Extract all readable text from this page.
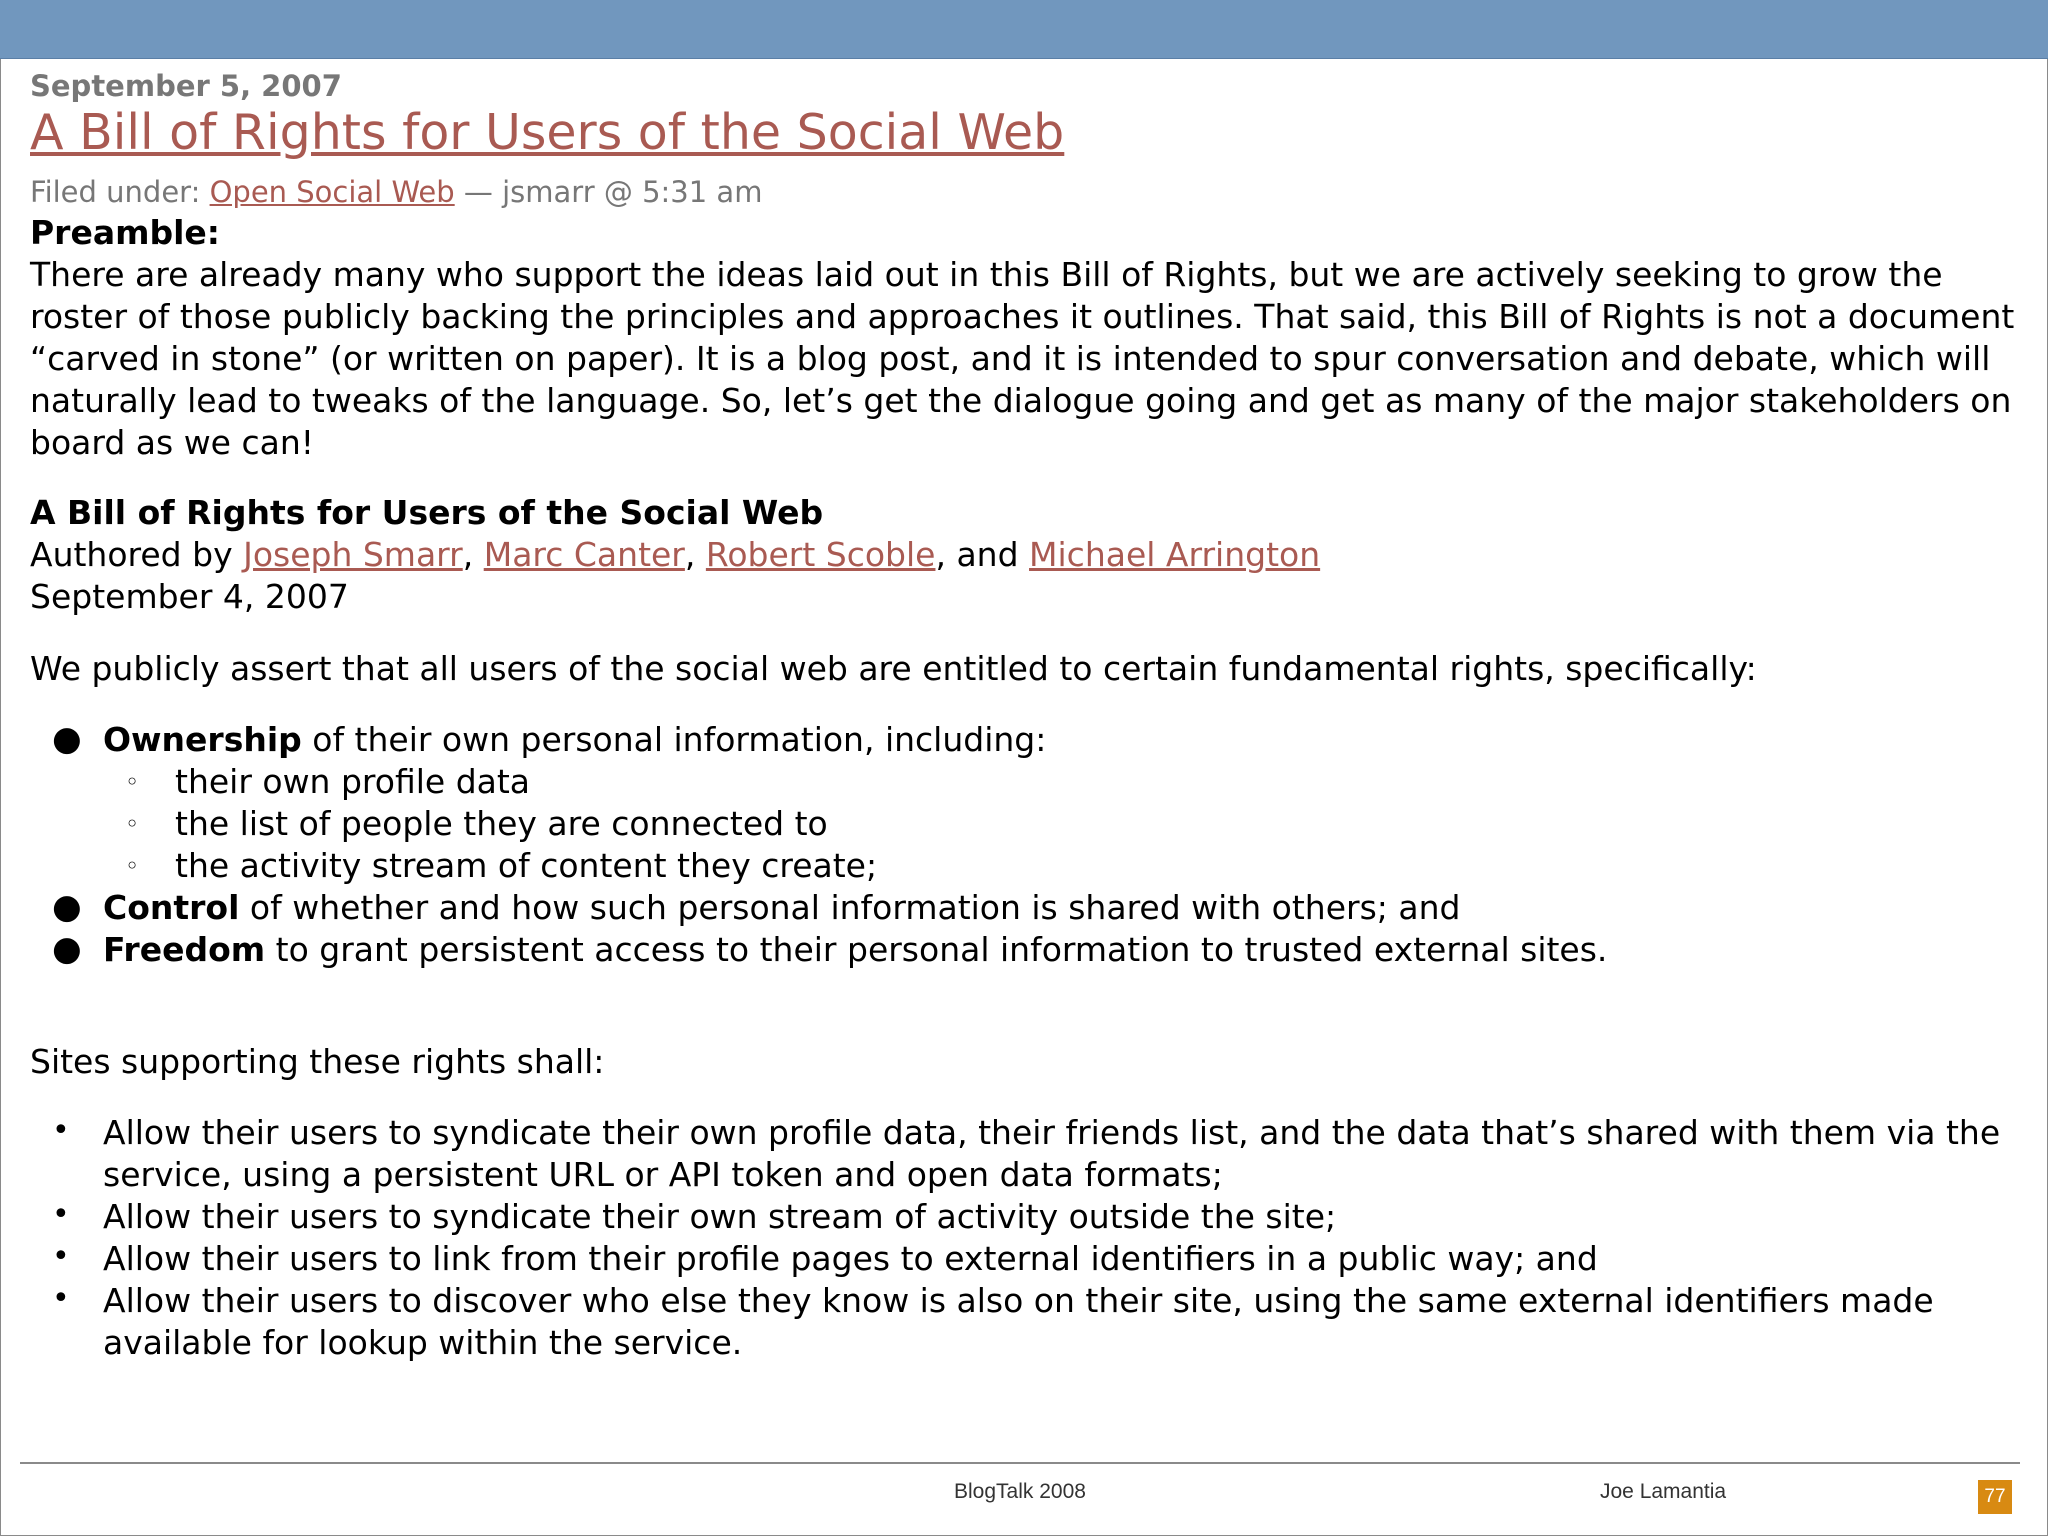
September 5, 2007
A Bill of Rights for Users of the Social Web
Filed under: Open Social Web — jsmarr @ 5:31 am

Preamble:

There are already many who support the ideas laid out in this Bill of Rights, but we are actively seeking to grow the roster of those publicly backing the principles and approaches it outlines. That said, this Bill of Rights is not a document “carved in stone” (or written on paper). It is a blog post, and it is intended to spur conversation and debate, which will naturally lead to tweaks of the language. So, let’s get the dialogue going and get as many of the major stakeholders on board as we can!

A Bill of Rights for Users of the Social Web

Authored by Joseph Smarr, Marc Canter, Robert Scoble, and Michael Arrington

September 4, 2007

We publicly assert that all users of the social web are entitled to certain fundamental rights, specifically:

● Ownership of their own personal information, including:
◦ their own profile data
◦ the list of people they are connected to
◦ the activity stream of content they create;
● Control of whether and how such personal information is shared with others; and
● Freedom to grant persistent access to their personal information to trusted external sites.

Sites supporting these rights shall:

• Allow their users to syndicate their own profile data, their friends list, and the data that’s shared with them via the service, using a persistent URL or API token and open data formats;
• Allow their users to syndicate their own stream of activity outside the site;
• Allow their users to link from their profile pages to external identifiers in a public way; and
• Allow their users to discover who else they know is also on their site, using the same external identifiers made available for lookup within the service.
BlogTalk 2008	Joe Lamantia	77
